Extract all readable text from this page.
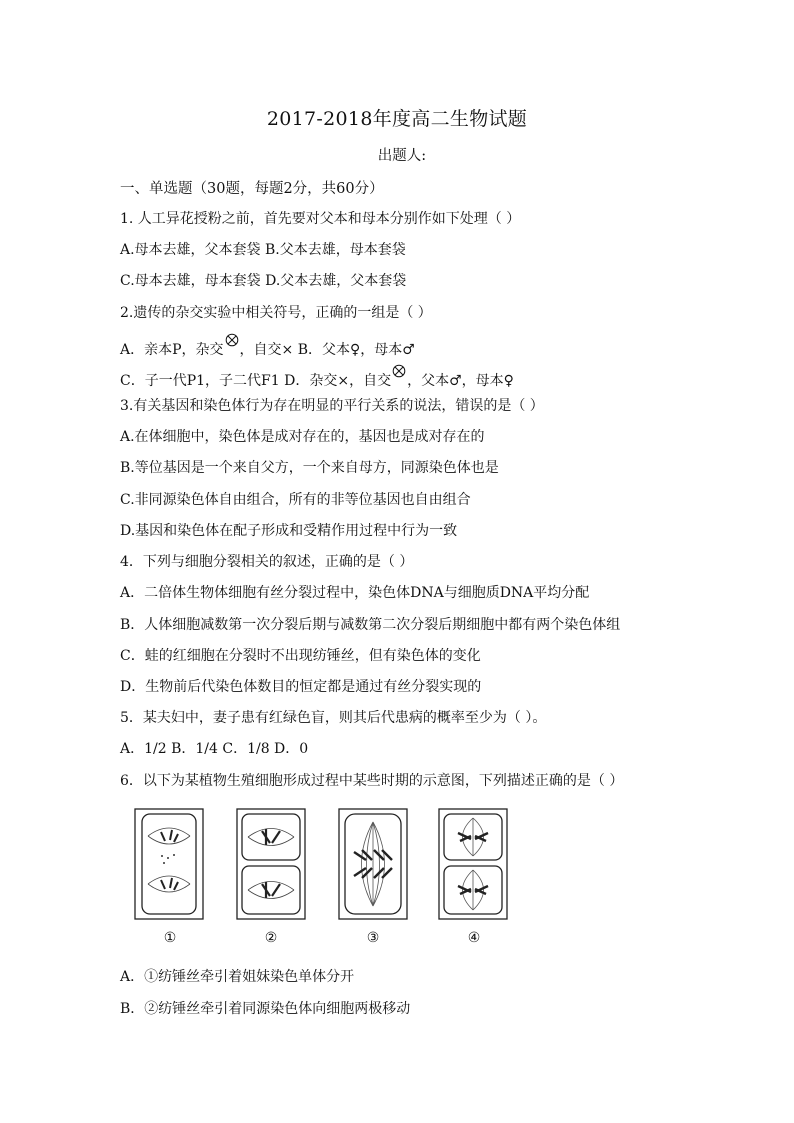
2017-2018年度高二生物试题
出题人:
一、单选题（30题，每题2分，共60分）
1. 人工异花授粉之前，首先要对父本和母本分别作如下处理（ ）
A.母本去雄，父本套袋 B.父本去雄，母本套袋
C.母本去雄，母本套袋 D.父本去雄，父本套袋
2.遗传的杂交实验中相关符号，正确的一组是（ ）
A．亲本P，杂交 ，自交× B．父本♀，母本♂
C．子一代P1，子二代F1 D．杂交×，自交 ，父本♂，母本♀
3.有关基因和染色体行为存在明显的平行关系的说法，错误的是（ ）
A.在体细胞中，染色体是成对存在的，基因也是成对存在的
B.等位基因是一个来自父方，一个来自母方，同源染色体也是
C.非同源染色体自由组合，所有的非等位基因也自由组合
D.基因和染色体在配子形成和受精作用过程中行为一致
4．下列与细胞分裂相关的叙述，正确的是（ ）
A．二倍体生物体细胞有丝分裂过程中，染色体DNA与细胞质DNA平均分配
B．人体细胞减数第一次分裂后期与减数第二次分裂后期细胞中都有两个染色体组
C．蛙的红细胞在分裂时不出现纺锤丝，但有染色体的变化
D．生物前后代染色体数目的恒定都是通过有丝分裂实现的
5．某夫妇中，妻子患有红绿色盲，则其后代患病的概率至少为（ ）。
A．1/2 B．1/4 C．1/8 D．0
6．以下为某植物生殖细胞形成过程中某些时期的示意图，下列描述正确的是（ ）
①	②	③	④
A．①纺锤丝牵引着姐妹染色单体分开
B．②纺锤丝牵引着同源染色体向细胞两极移动
